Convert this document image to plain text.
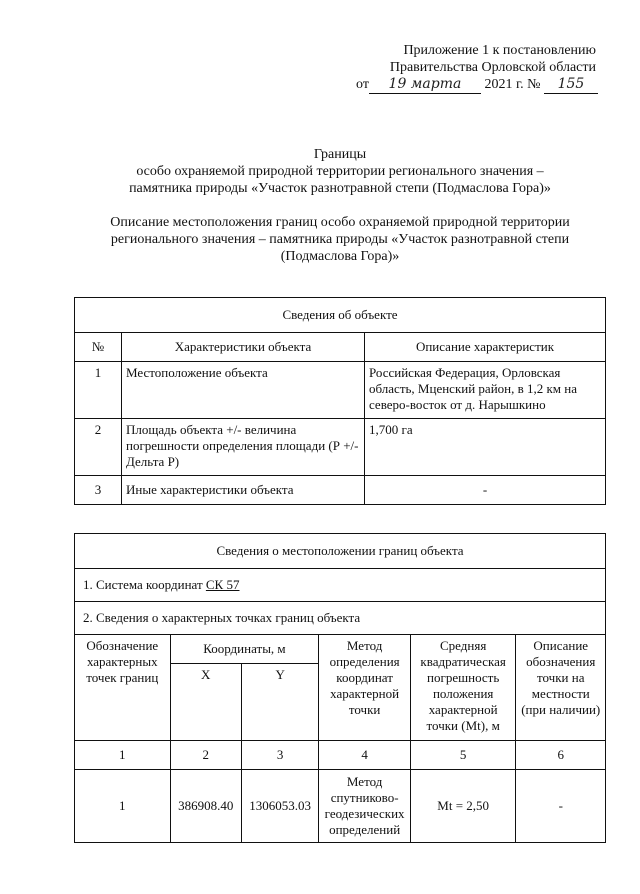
Приложение 1 к постановлению
Правительства Орловской области
от 19 марта 2021 г. № 155
Границы
особо охраняемой природной территории регионального значения –
памятника природы «Участок разнотравной степи (Подмаслова Гора)»
Описание местоположения границ особо охраняемой природной территории
регионального значения – памятника природы «Участок разнотравной степи
(Подмаслова Гора)»
Сведения об объекте		
№	Характеристики объекта	Описание характеристик
1	Местоположение объекта	Российская Федерация, Орловская область, Мценский район, в 1,2 км на северо-восток от д. Нарышкино
2	Площадь объекта +/- величина погрешности определения площади (Р +/- Дельта Р)	1,700 га
3	Иные характеристики объекта	-
Сведения о местоположении границ объекта					
1. Система координат СК 57					
2. Сведения о характерных точках границ объекта					
Обозначение характерных точек границ	Координаты, м		Метод определения координат характерной точки	Средняя квадратическая погрешность положения характерной точки (Mt), м	Описание обозначения точки на местности (при наличии)
	X	Y			
1	2	3	4	5	6
1	386908.40	1306053.03	Метод спутниково-геодезических определений	Mt = 2,50	-
